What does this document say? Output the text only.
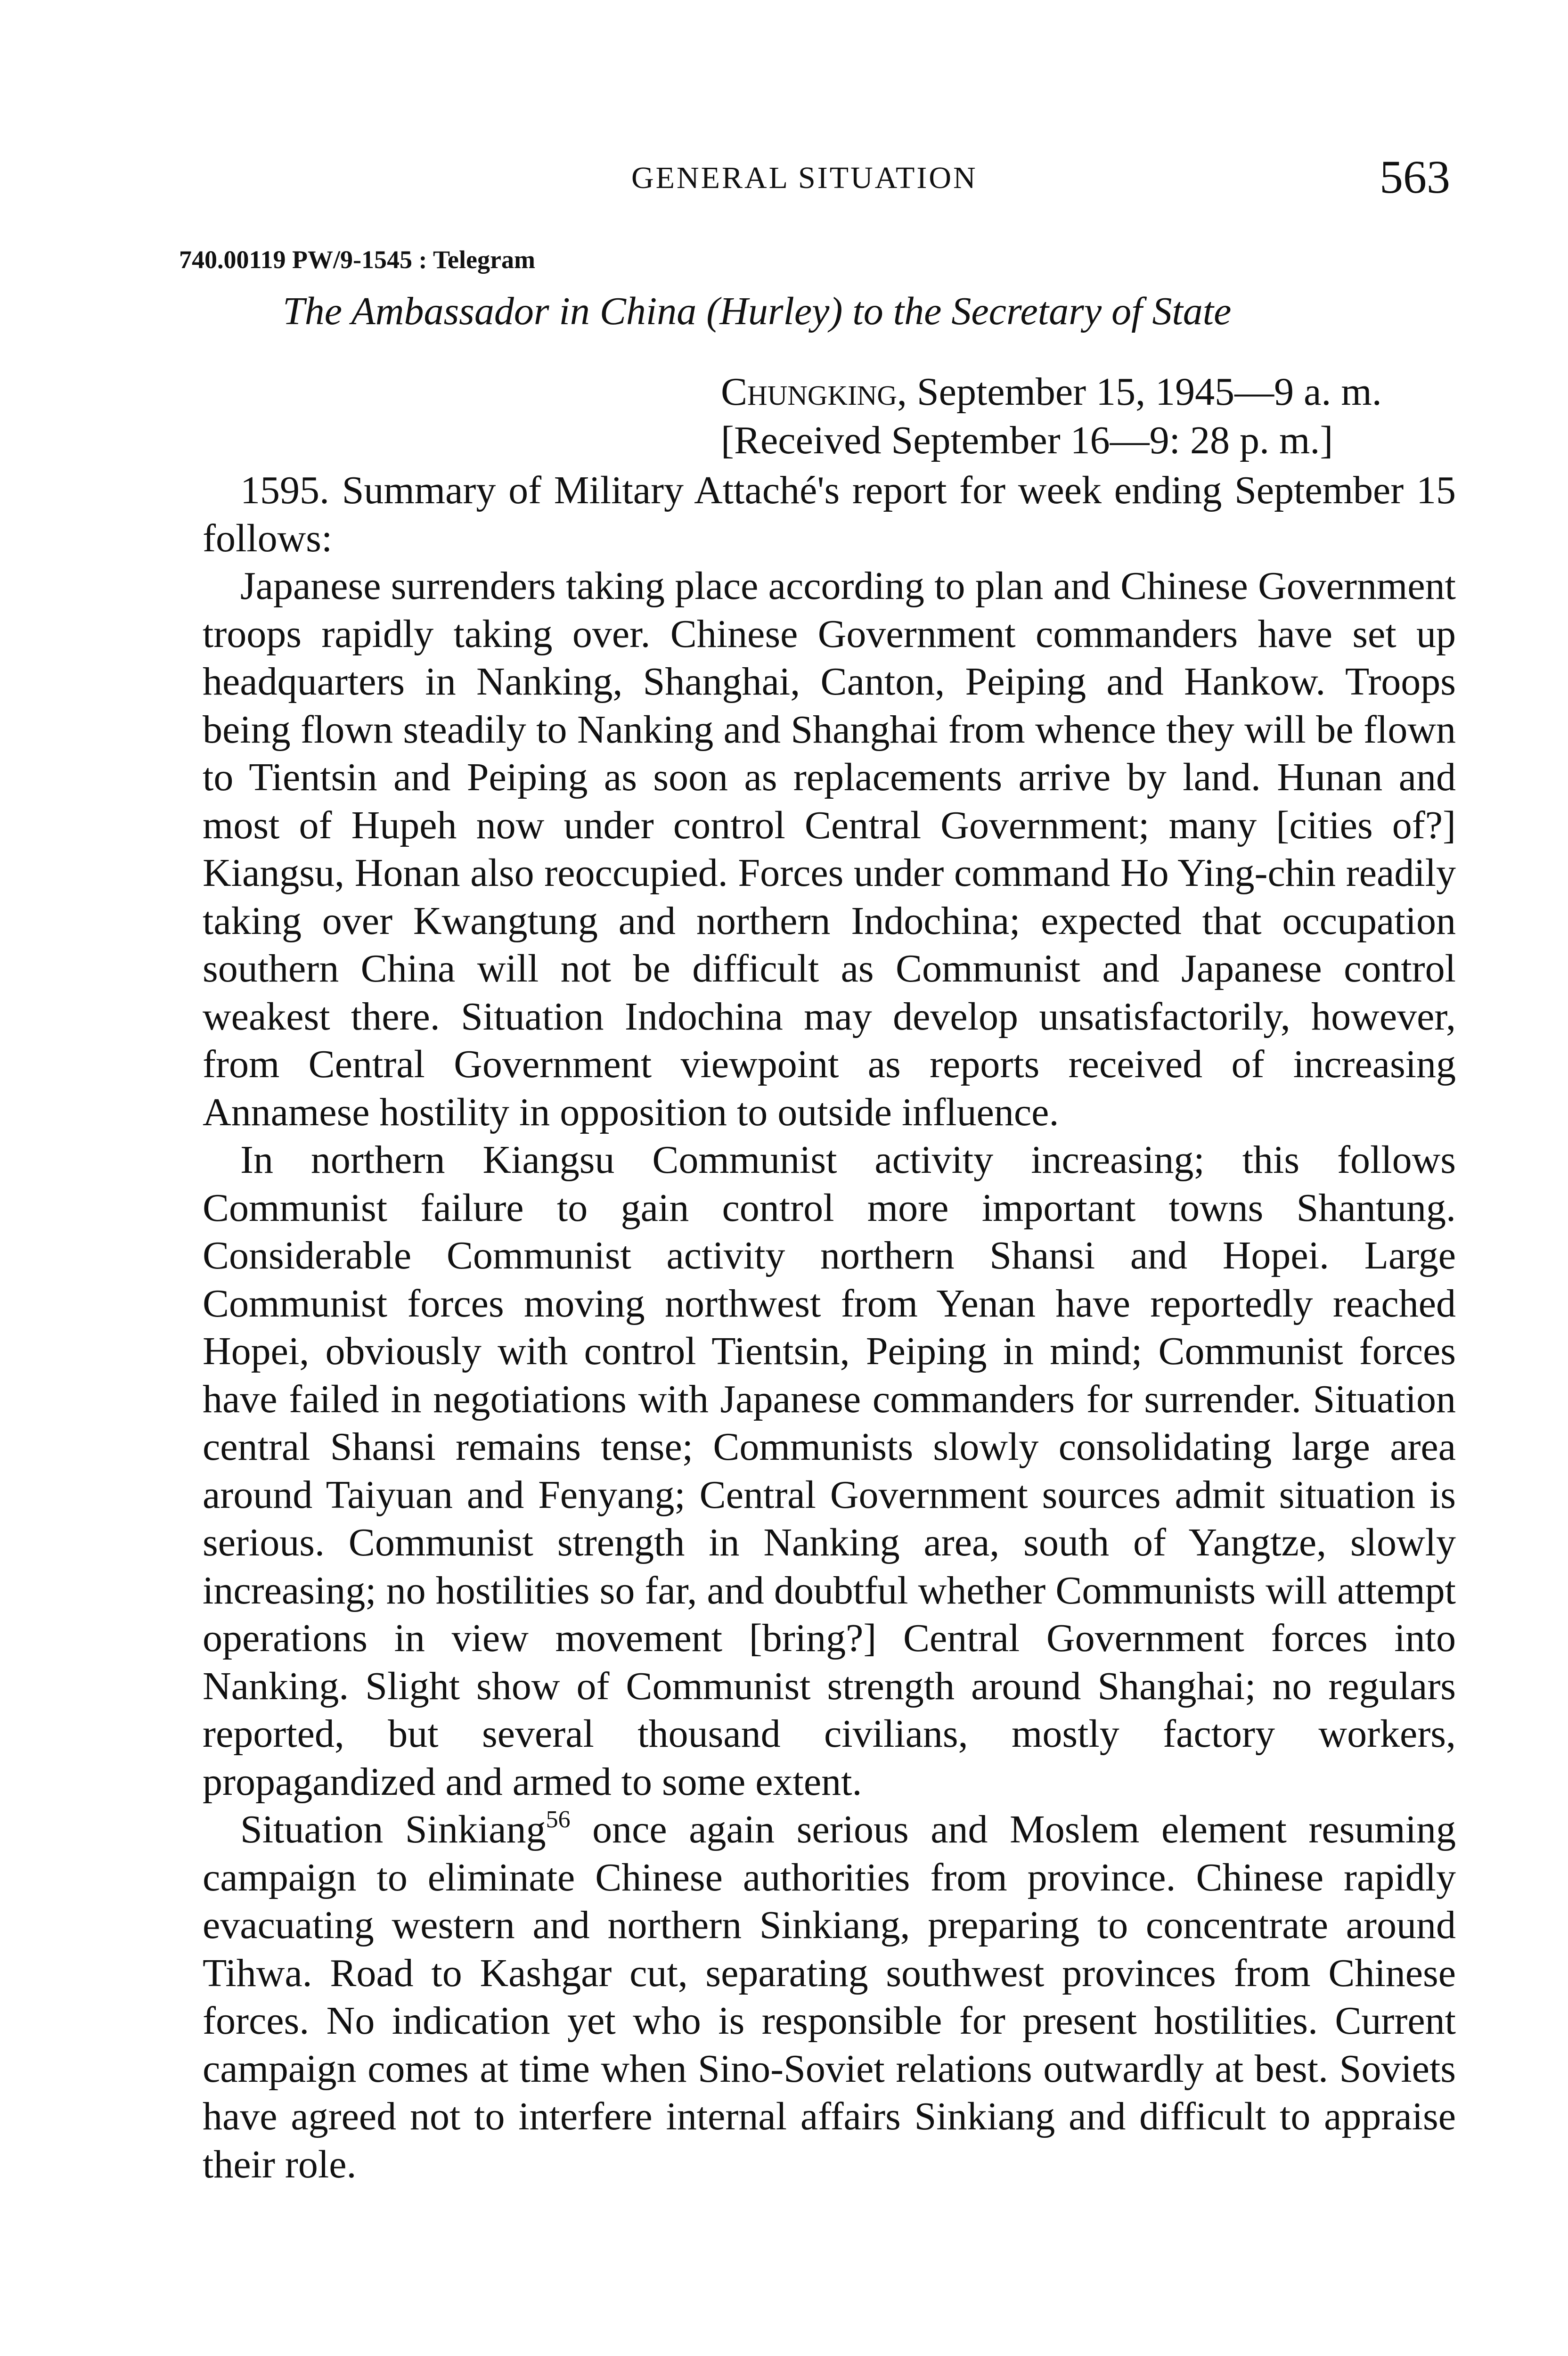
GENERAL SITUATION	563
740.00119 PW/9-1545 : Telegram
The Ambassador in China (Hurley) to the Secretary of State
Chungking, September 15, 1945—9 a. m.
[Received September 16—9: 28 p. m.]

1595. Summary of Military Attaché's report for week ending September 15 follows:

Japanese surrenders taking place according to plan and Chinese Government troops rapidly taking over. Chinese Government commanders have set up headquarters in Nanking, Shanghai, Canton, Peiping and Hankow. Troops being flown steadily to Nanking and Shanghai from whence they will be flown to Tientsin and Peiping as soon as replacements arrive by land. Hunan and most of Hupeh now under control Central Government; many [cities of?] Kiangsu, Honan also reoccupied. Forces under command Ho Ying-chin readily taking over Kwangtung and northern Indochina; expected that occupation southern China will not be difficult as Communist and Japanese control weakest there. Situation Indochina may develop unsatisfactorily, however, from Central Government viewpoint as reports received of increasing Annamese hostility in opposition to outside influence.

In northern Kiangsu Communist activity increasing; this follows Communist failure to gain control more important towns Shantung. Considerable Communist activity northern Shansi and Hopei. Large Communist forces moving northwest from Yenan have reportedly reached Hopei, obviously with control Tientsin, Peiping in mind; Communist forces have failed in negotiations with Japanese commanders for surrender. Situation central Shansi remains tense; Communists slowly consolidating large area around Taiyuan and Fenyang; Central Government sources admit situation is serious. Communist strength in Nanking area, south of Yangtze, slowly increasing; no hostilities so far, and doubtful whether Communists will attempt operations in view movement [bring?] Central Government forces into Nanking. Slight show of Communist strength around Shanghai; no regulars reported, but several thousand civilians, mostly factory workers, propagandized and armed to some extent.

Situation Sinkiang$^{56}$ once again serious and Moslem element resuming campaign to eliminate Chinese authorities from province. Chinese rapidly evacuating western and northern Sinkiang, preparing to concentrate around Tihwa. Road to Kashgar cut, separating southwest provinces from Chinese forces. No indication yet who is responsible for present hostilities. Current campaign comes at time when Sino-Soviet relations outwardly at best. Soviets have agreed not to interfere internal affairs Sinkiang and difficult to appraise their role.
